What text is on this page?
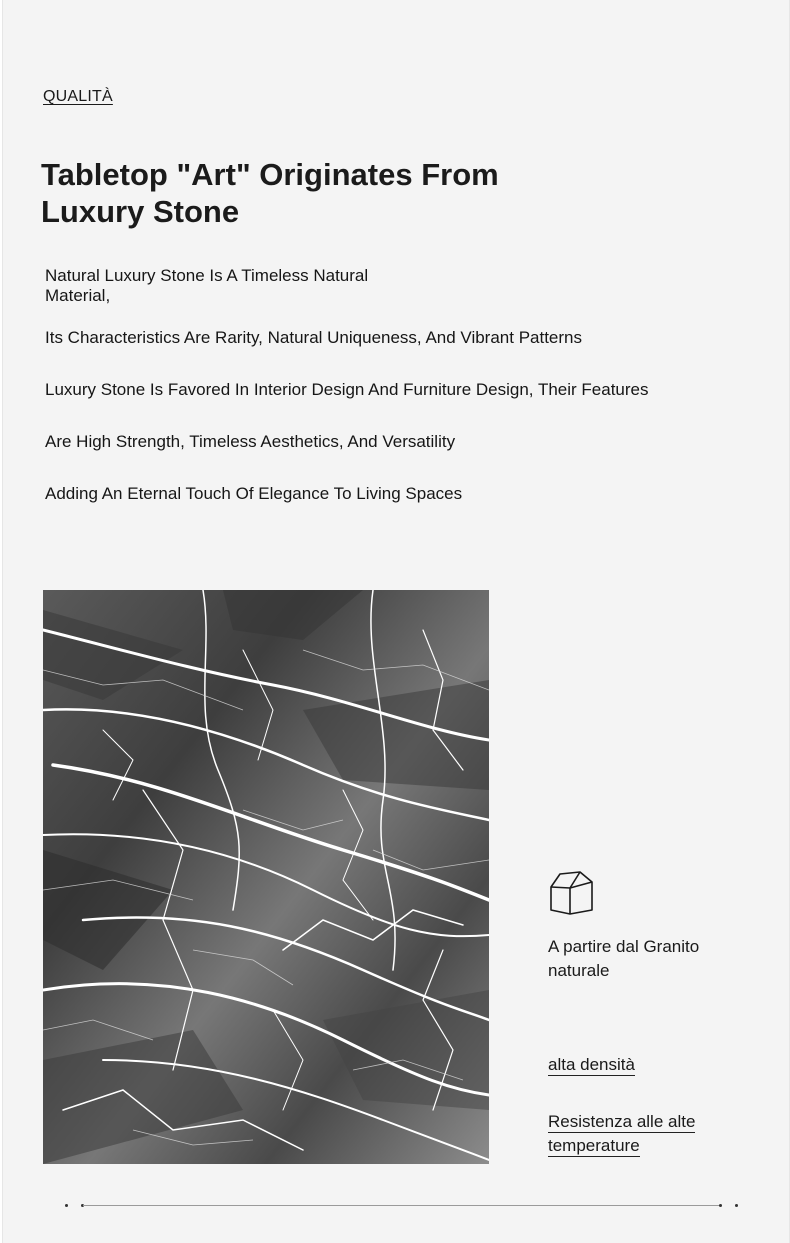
QUALITÀ
Tabletop "Art" Originates From Luxury Stone

Natural Luxury Stone Is A Timeless Natural Material,

Its Characteristics Are Rarity, Natural Uniqueness, And Vibrant Patterns

Luxury Stone Is Favored In Interior Design And Furniture Design, Their Features

Are High Strength, Timeless Aesthetics, And Versatility

Adding An Eternal Touch Of Elegance To Living Spaces

A partire dal Granito naturale

alta densità

Resistenza alle alte temperature
